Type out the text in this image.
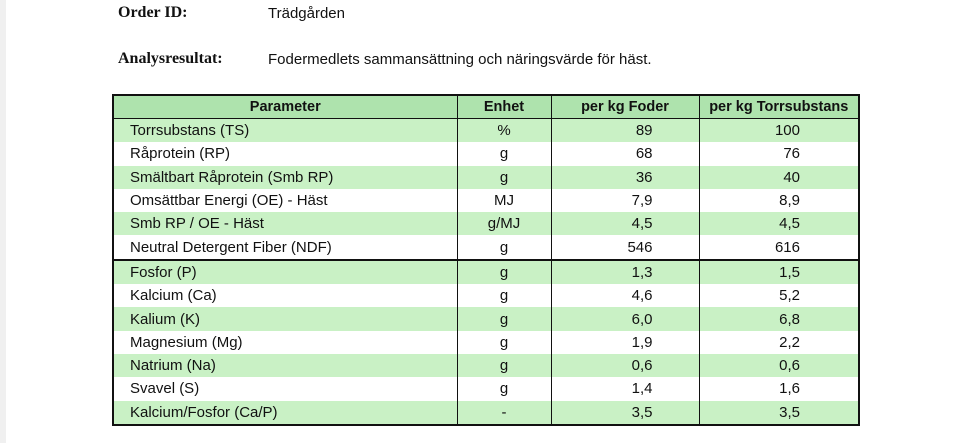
Order ID:	Trädgården
Analysresultat:	Fodermedlets sammansättning och näringsvärde för häst.
Parameter	Enhet	per kg Foder	per kg Torrsubstans
Torrsubstans (TS)	%	89	100
Råprotein (RP)	g	68	76
Smältbart Råprotein (Smb RP)	g	36	40
Omsättbar Energi (OE) - Häst	MJ	7,9	8,9
Smb RP / OE - Häst	g/MJ	4,5	4,5
Neutral Detergent Fiber (NDF)	g	546	616
Fosfor (P)	g	1,3	1,5
Kalcium (Ca)	g	4,6	5,2
Kalium (K)	g	6,0	6,8
Magnesium (Mg)	g	1,9	2,2
Natrium (Na)	g	0,6	0,6
Svavel (S)	g	1,4	1,6
Kalcium/Fosfor (Ca/P)	-	3,5	3,5
